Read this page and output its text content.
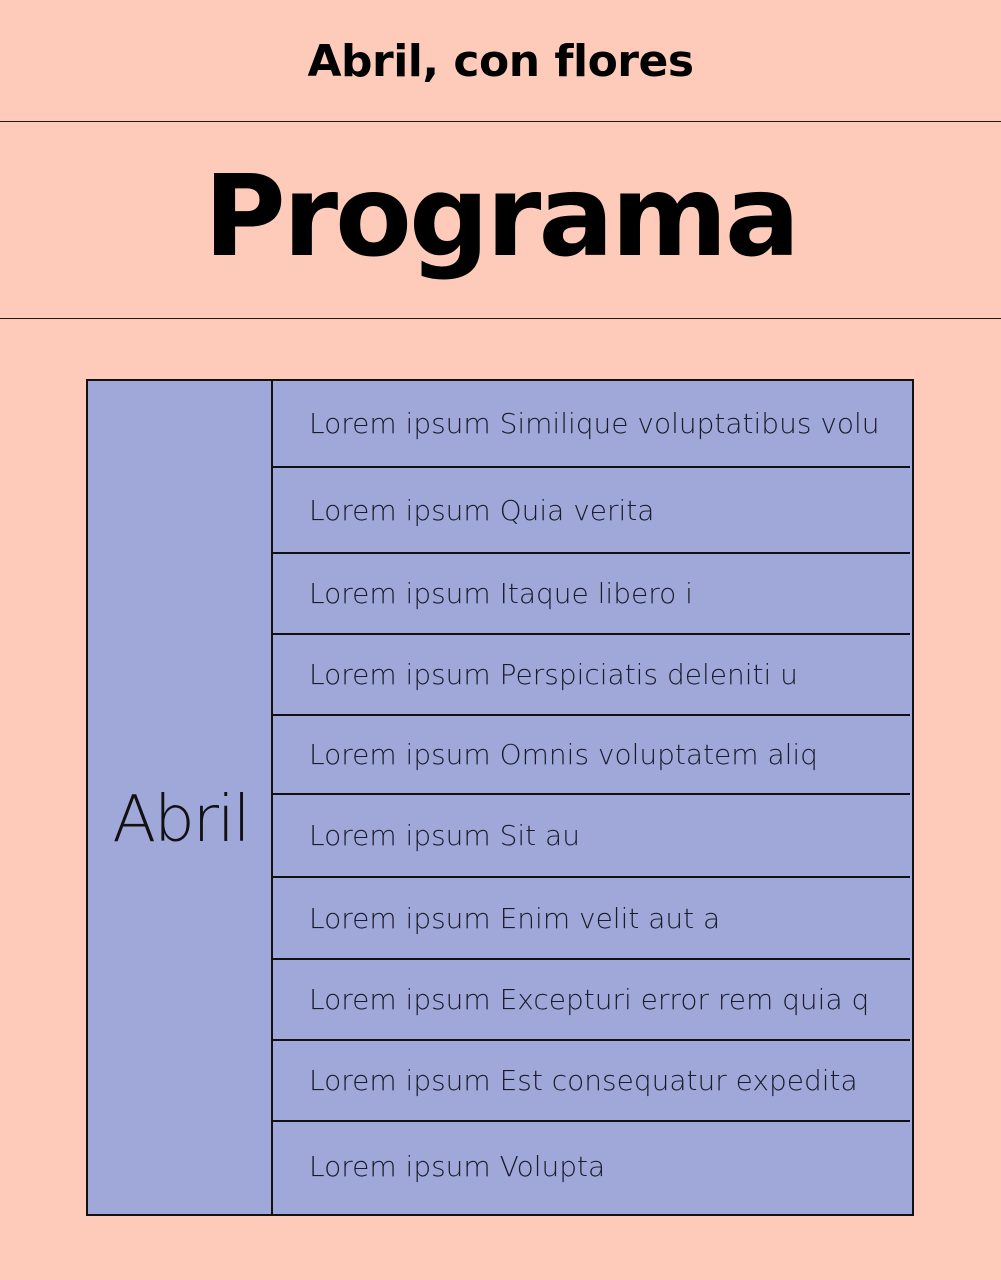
Abril, con flores
Programa
Abril
Lorem ipsum Similique voluptatibus volu
Lorem ipsum Quia verita
Lorem ipsum Itaque libero i
Lorem ipsum Perspiciatis deleniti u
Lorem ipsum Omnis voluptatem aliq
Lorem ipsum Sit au
Lorem ipsum Enim velit aut a
Lorem ipsum Excepturi error rem quia q
Lorem ipsum Est consequatur expedita
Lorem ipsum Volupta
